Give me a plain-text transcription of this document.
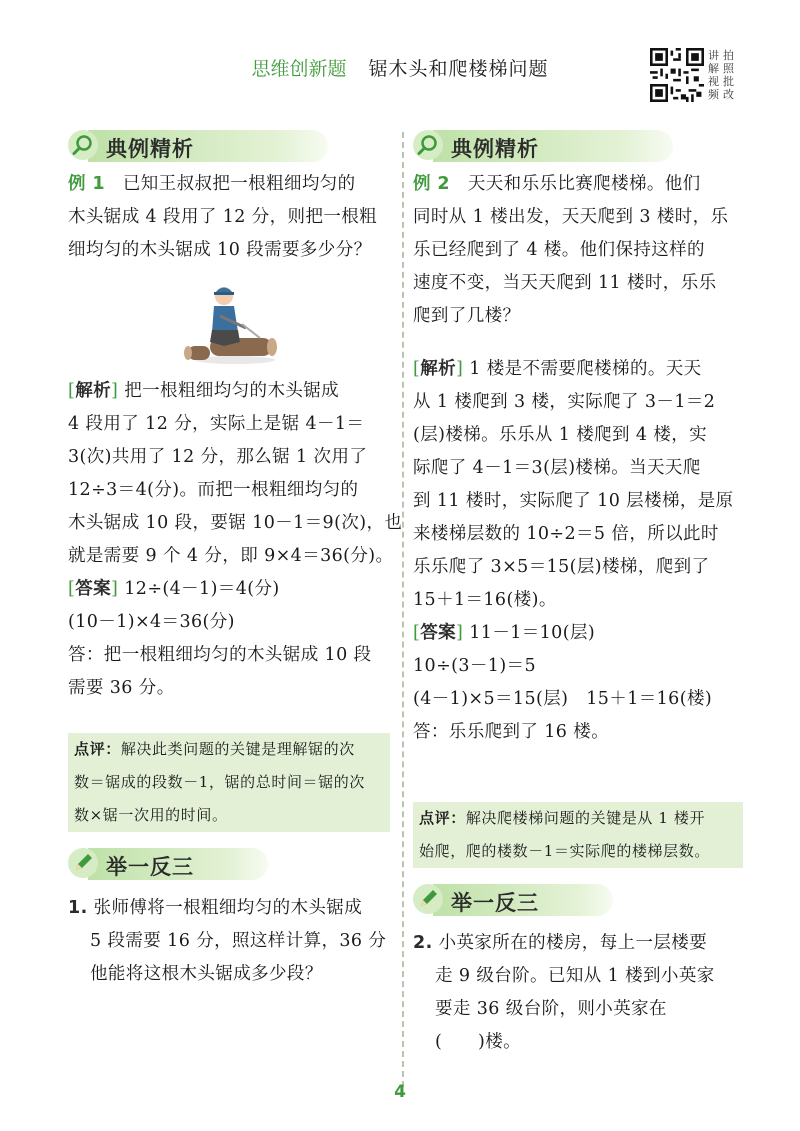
思维创新题 锯木头和爬楼梯问题
讲 拍
解 照
视 批
频 改
典例精析

例 1 已知王叔叔把一根粗细均匀的

木头锯成 4 段用了 12 分，则把一根粗

细均匀的木头锯成 10 段需要多少分？

[解析] 把一根粗细均匀的木头锯成

4 段用了 12 分，实际上是锯 4－1＝

3(次)共用了 12 分，那么锯 1 次用了

12÷3＝4(分)。而把一根粗细均匀的

木头锯成 10 段，要锯 10－1＝9(次)，也

就是需要 9 个 4 分，即 9×4＝36(分)。

[答案] 12÷(4－1)＝4(分)

(10－1)×4＝36(分)

答：把一根粗细均匀的木头锯成 10 段

需要 36 分。

点评：解决此类问题的关键是理解锯的次

数＝锯成的段数－1，锯的总时间＝锯的次

数×锯一次用的时间。

举一反三

1. 张师傅将一根粗细均匀的木头锯成

5 段需要 16 分，照这样计算，36 分

他能将这根木头锯成多少段？

典例精析

例 2 天天和乐乐比赛爬楼梯。他们

同时从 1 楼出发，天天爬到 3 楼时，乐

乐已经爬到了 4 楼。他们保持这样的

速度不变，当天天爬到 11 楼时，乐乐

爬到了几楼？

[解析] 1 楼是不需要爬楼梯的。天天

从 1 楼爬到 3 楼，实际爬了 3－1＝2

(层)楼梯。乐乐从 1 楼爬到 4 楼，实

际爬了 4－1＝3(层)楼梯。当天天爬

到 11 楼时，实际爬了 10 层楼梯，是原

来楼梯层数的 10÷2＝5 倍，所以此时

乐乐爬了 3×5＝15(层)楼梯，爬到了

15＋1＝16(楼)。

[答案] 11－1＝10(层)

10÷(3－1)＝5

(4－1)×5＝15(层)　15＋1＝16(楼)

答：乐乐爬到了 16 楼。

点评：解决爬楼梯问题的关键是从 1 楼开

始爬，爬的楼数－1＝实际爬的楼梯层数。

举一反三

2. 小英家所在的楼房，每上一层楼要

走 9 级台阶。已知从 1 楼到小英家

要走 36 级台阶，则小英家在

(　　)楼。

4
